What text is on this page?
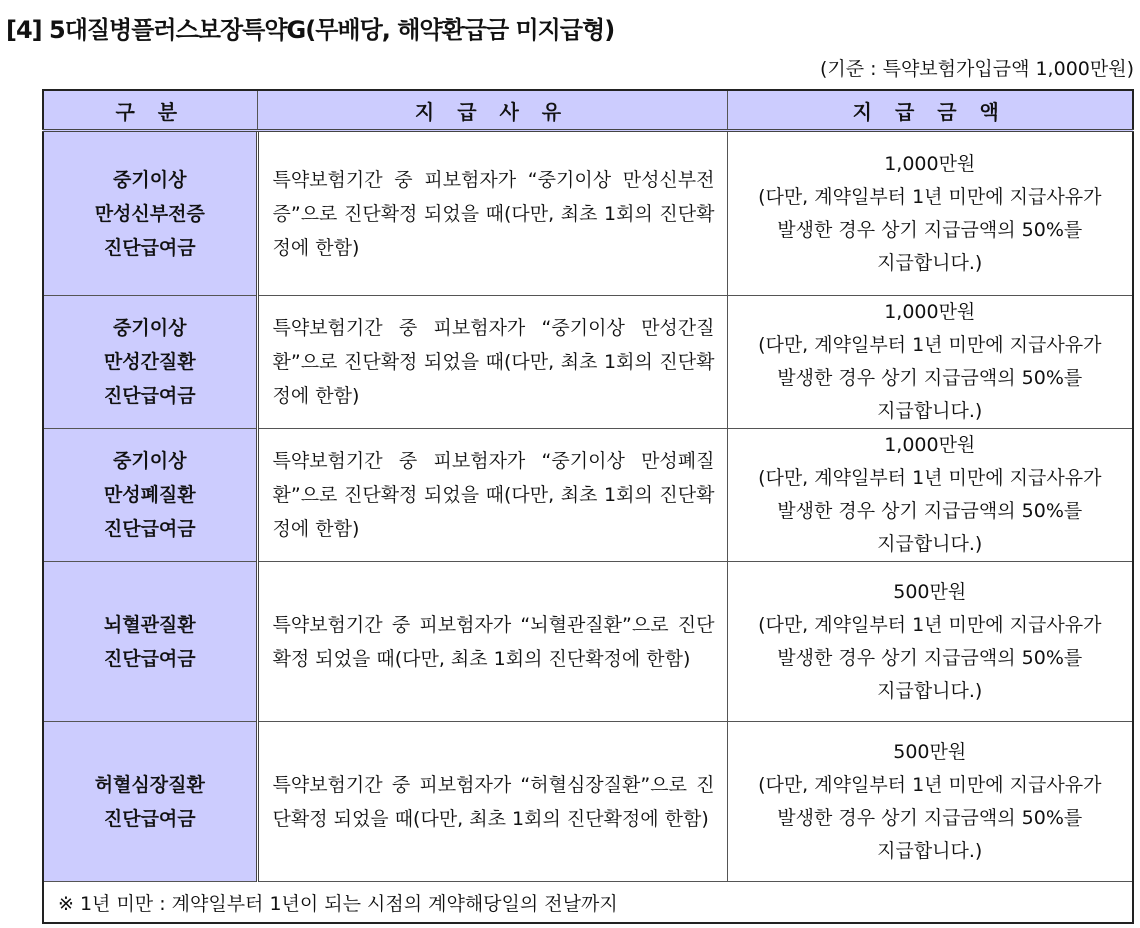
[4] 5대질병플러스보장특약G(무배당, 해약환급금 미지급형)
(기준 : 특약보험가입금액 1,000만원)
구 분	지 급 사 유	지 급 금 액

중기이상
만성신부전증
진단급여금	특약보험기간 중 피보험자가 “중기이상 만성신부전증”으로 진단확정 되었을 때(다만, 최초 1회의 진단확정에 한함)	1,000만원
(다만, 계약일부터 1년 미만에 지급사유가
발생한 경우 상기 지급금액의 50%를
지급합니다.)

중기이상
만성간질환
진단급여금	특약보험기간 중 피보험자가 “중기이상 만성간질환”으로 진단확정 되었을 때(다만, 최초 1회의 진단확정에 한함)	1,000만원
(다만, 계약일부터 1년 미만에 지급사유가
발생한 경우 상기 지급금액의 50%를
지급합니다.)

중기이상
만성폐질환
진단급여금	특약보험기간 중 피보험자가 “중기이상 만성폐질환”으로 진단확정 되었을 때(다만, 최초 1회의 진단확정에 한함)	1,000만원
(다만, 계약일부터 1년 미만에 지급사유가
발생한 경우 상기 지급금액의 50%를
지급합니다.)

뇌혈관질환
진단급여금	특약보험기간 중 피보험자가 “뇌혈관질환”으로 진단확정 되었을 때(다만, 최초 1회의 진단확정에 한함)	500만원
(다만, 계약일부터 1년 미만에 지급사유가
발생한 경우 상기 지급금액의 50%를
지급합니다.)

허혈심장질환
진단급여금	특약보험기간 중 피보험자가 “허혈심장질환”으로 진단확정 되었을 때(다만, 최초 1회의 진단확정에 한함)	500만원
(다만, 계약일부터 1년 미만에 지급사유가
발생한 경우 상기 지급금액의 50%를
지급합니다.)

※ 1년 미만 : 계약일부터 1년이 되는 시점의 계약해당일의 전날까지		
